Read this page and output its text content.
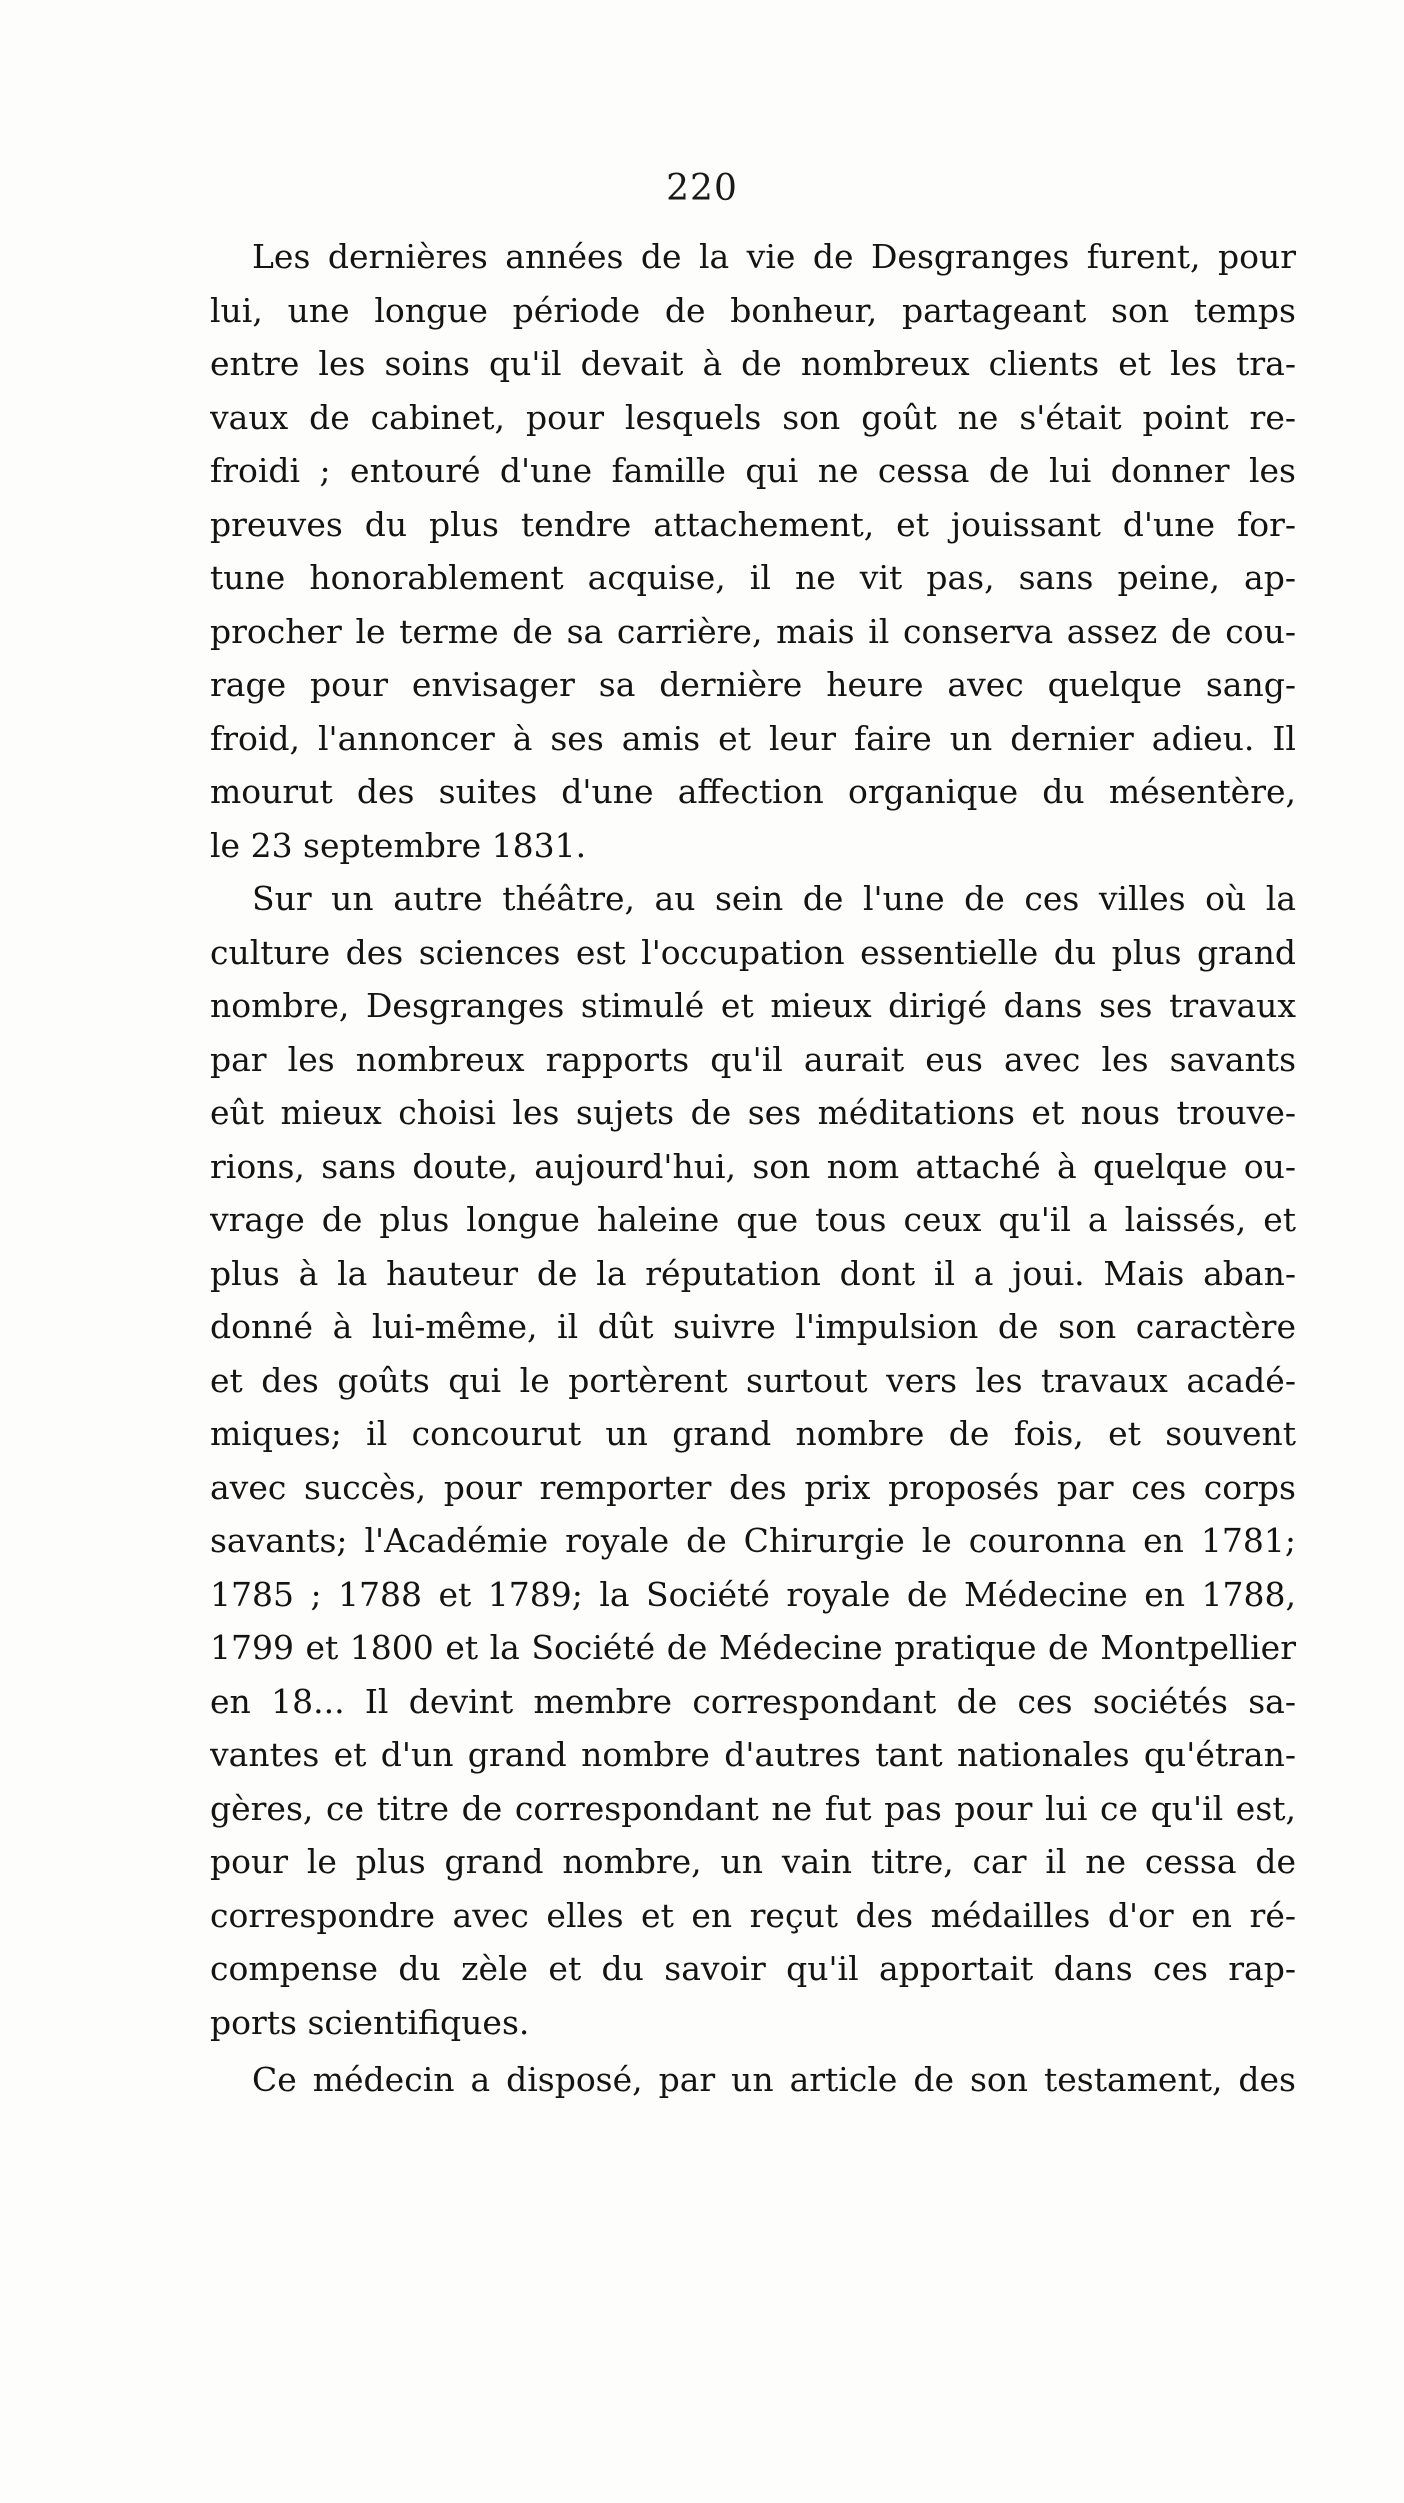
220
Les dernières années de la vie de Desgranges furent, pour
lui, une longue période de bonheur, partageant son temps
entre les soins qu'il devait à de nombreux clients et les tra-
vaux de cabinet, pour lesquels son goût ne s'était point re-
froidi ; entouré d'une famille qui ne cessa de lui donner les
preuves du plus tendre attachement, et jouissant d'une for-
tune honorablement acquise, il ne vit pas, sans peine, ap-
procher le terme de sa carrière, mais il conserva assez de cou-
rage pour envisager sa dernière heure avec quelque sang-
froid, l'annoncer à ses amis et leur faire un dernier adieu. Il
mourut des suites d'une affection organique du mésentère,
le 23 septembre 1831.
Sur un autre théâtre, au sein de l'une de ces villes où la
culture des sciences est l'occupation essentielle du plus grand
nombre, Desgranges stimulé et mieux dirigé dans ses travaux
par les nombreux rapports qu'il aurait eus avec les savants
eût mieux choisi les sujets de ses méditations et nous trouve-
rions, sans doute, aujourd'hui, son nom attaché à quelque ou-
vrage de plus longue haleine que tous ceux qu'il a laissés, et
plus à la hauteur de la réputation dont il a joui. Mais aban-
donné à lui-même, il dût suivre l'impulsion de son caractère
et des goûts qui le portèrent surtout vers les travaux acadé-
miques; il concourut un grand nombre de fois, et souvent
avec succès, pour remporter des prix proposés par ces corps
savants; l'Académie royale de Chirurgie le couronna en 1781;
1785 ; 1788 et 1789; la Société royale de Médecine en 1788,
1799 et 1800 et la Société de Médecine pratique de Montpellier
en 18... Il devint membre correspondant de ces sociétés sa-
vantes et d'un grand nombre d'autres tant nationales qu'étran-
gères, ce titre de correspondant ne fut pas pour lui ce qu'il est,
pour le plus grand nombre, un vain titre, car il ne cessa de
correspondre avec elles et en reçut des médailles d'or en ré-
compense du zèle et du savoir qu'il apportait dans ces rap-
ports scientifiques.
Ce médecin a disposé, par un article de son testament, des
